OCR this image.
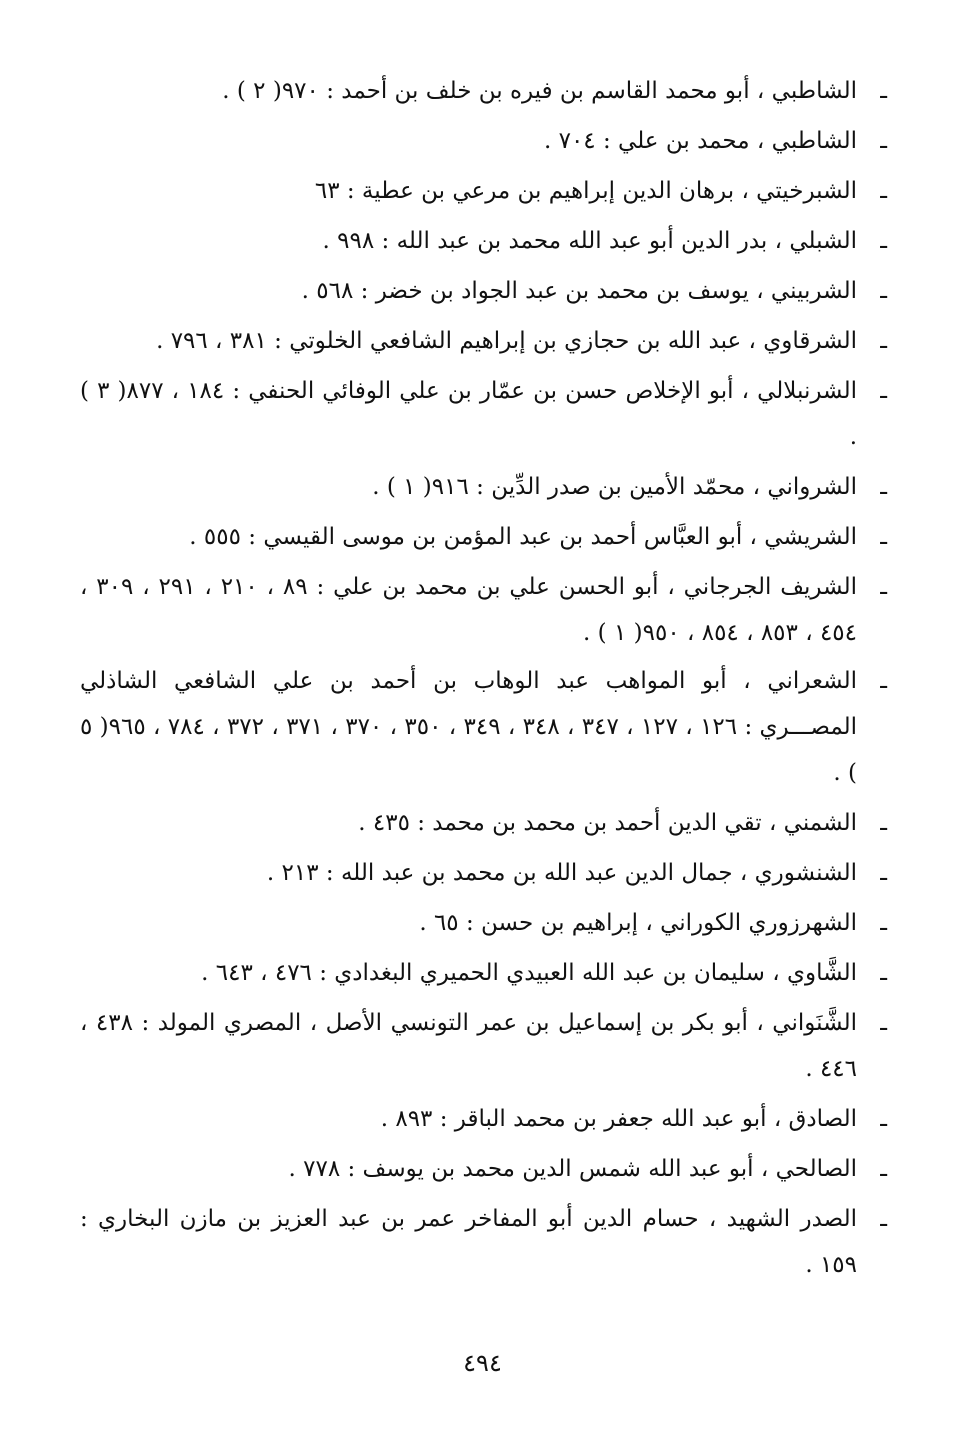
ـ
الشاطبي ، أبو محمد القاسم بن فيره بن خلف بن أحمد : ٩٧٠( ٢ ) .
ـ
الشاطبي ، محمد بن علي : ٧٠٤ .
ـ
الشبرخيتي ، برهان الدين إبراهيم بن مرعي بن عطية : ٦٣
ـ
الشبلي ، بدر الدين أبو عبد الله محمد بن عبد الله : ٩٩٨ .
ـ
الشربيني ، يوسف بن محمد بن عبد الجواد بن خضر : ٥٦٨ .
ـ
الشرقاوي ، عبد الله بن حجازي بن إبراهيم الشافعي الخلوتي : ٣٨١ ، ٧٩٦ .
ـ
الشرنبلالي ، أبو الإخلاص حسن بن عمّار بن علي الوفائي الحنفي : ١٨٤ ، ٨٧٧( ٣ ) .
ـ
الشرواني ، محمّد الأمين بن صدر الدِّين : ٩١٦( ١ ) .
ـ
الشريشي ، أبو العبَّاس أحمد بن عبد المؤمن بن موسى القيسي : ٥٥٥ .
ـ
الشريف الجرجاني ، أبو الحسن علي بن محمد بن علي : ٨٩ ، ٢١٠ ، ٢٩١ ، ٣٠٩ ، ٤٥٤ ، ٨٥٣ ، ٨٥٤ ، ٩٥٠( ١ ) .
ـ
الشعراني ، أبو المواهب عبد الوهاب بن أحمد بن علي الشافعي الشاذلي المصـــري : ١٢٦ ، ١٢٧ ، ٣٤٧ ، ٣٤٨ ، ٣٤٩ ، ٣٥٠ ، ٣٧٠ ، ٣٧١ ، ٣٧٢ ، ٧٨٤ ، ٩٦٥( ٥ ) .
ـ
الشمني ، تقي الدين أحمد بن محمد بن محمد : ٤٣٥ .
ـ
الشنشوري ، جمال الدين عبد الله بن محمد بن عبد الله : ٢١٣ .
ـ
الشهرزوري الكوراني ، إبراهيم بن حسن : ٦٥ .
ـ
الشَّاوي ، سليمان بن عبد الله العبيدي الحميري البغدادي : ٤٧٦ ، ٦٤٣ .
ـ
الشَّنَواني ، أبو بكر بن إسماعيل بن عمر التونسي الأصل ، المصري المولد : ٤٣٨ ، ٤٤٦ .
ـ
الصادق ، أبو عبد الله جعفر بن محمد الباقر : ٨٩٣ .
ـ
الصالحي ، أبو عبد الله شمس الدين محمد بن يوسف : ٧٧٨ .
ـ
الصدر الشهيد ، حسام الدين أبو المفاخر عمر بن عبد العزيز بن مازن البخاري : ١٥٩ .
٤٩٤
